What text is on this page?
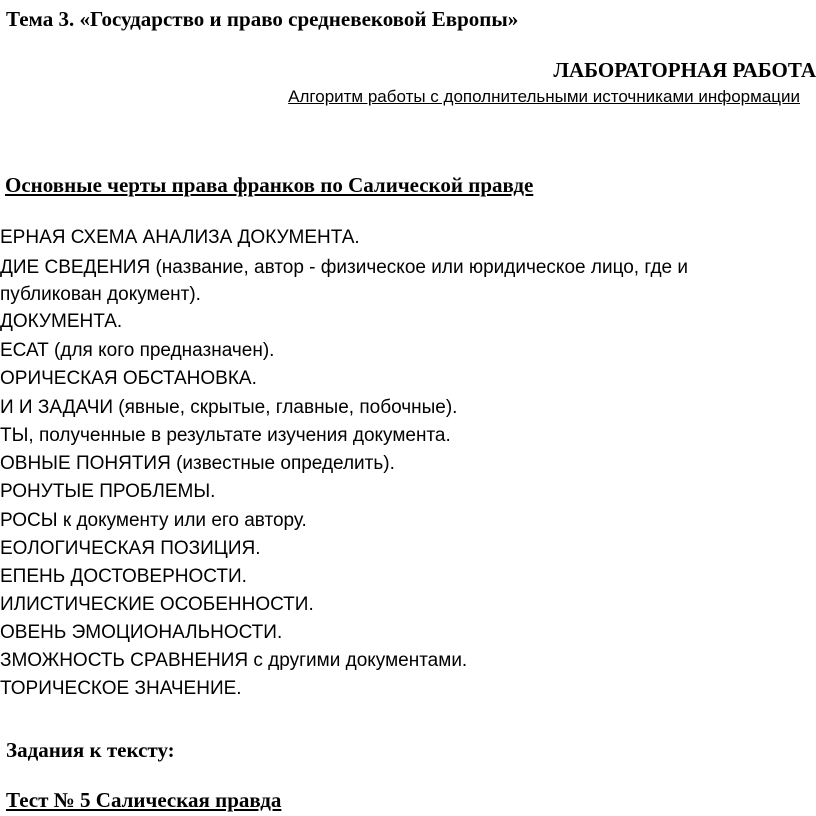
Тема 3. «Государство и право средневековой Европы»
ЛАБОРАТОРНАЯ РАБОТА
Алгоритм работы с дополнительными источниками информации
Основные черты права франков по Салической правде
ЕРНАЯ СХЕМА АНАЛИЗА ДОКУМЕНТА.
ДИЕ СВЕДЕНИЯ (название, автор - физическое или юридическое лицо, где и
публикован документ).
ДОКУМЕНТА.
ЕСАТ (для кого предназначен).
ОРИЧЕСКАЯ ОБСТАНОВКА.
И И ЗАДАЧИ (явные, скрытые, главные, побочные).
ТЫ, полученные в результате изучения документа.
ОВНЫЕ ПОНЯТИЯ (известные определить).
РОНУТЫЕ ПРОБЛЕМЫ.
РОСЫ к документу или его автору.
ЕОЛОГИЧЕСКАЯ ПОЗИЦИЯ.
ЕПЕНЬ ДОСТОВЕРНОСТИ.
ИЛИСТИЧЕСКИЕ ОСОБЕННОСТИ.
ОВЕНЬ ЭМОЦИОНАЛЬНОСТИ.
ЗМОЖНОСТЬ СРАВНЕНИЯ с другими документами.
ТОРИЧЕСКОЕ ЗНАЧЕНИЕ.
Задания к тексту:
Тест № 5 Салическая правда
